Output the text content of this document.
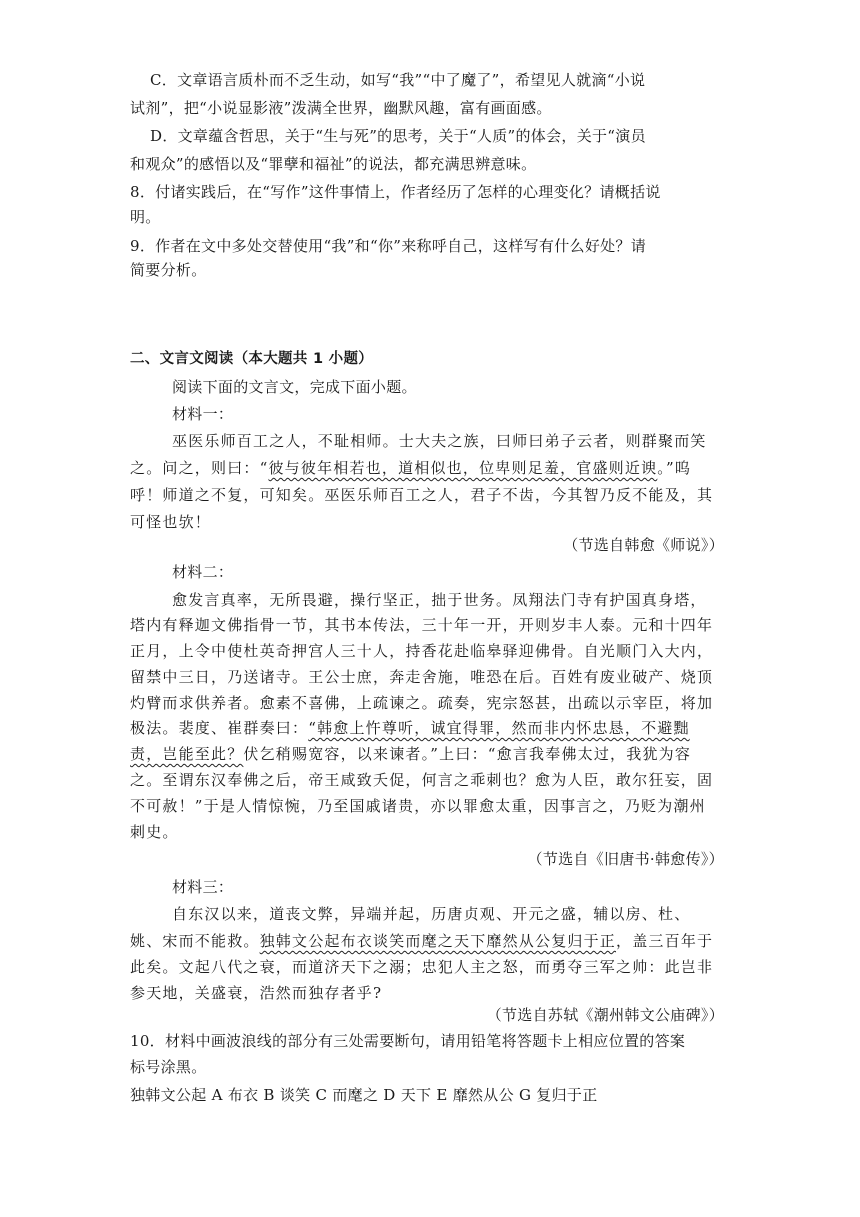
C．文章语言质朴而不乏生动，如写“我”“中了魔了”，希望见人就滴“小说
试剂”，把“小说显影液”泼满全世界，幽默风趣，富有画面感。
D．文章蕴含哲思，关于“生与死”的思考，关于“人质”的体会，关于“演员
和观众”的感悟以及“罪孽和福祉”的说法，都充满思辨意味。
8．付诸实践后，在“写作”这件事情上，作者经历了怎样的心理变化？请概括说
明。
9．作者在文中多处交替使用“我”和“你”来称呼自己，这样写有什么好处？请
简要分析。
二、文言文阅读（本大题共 1 小题）
阅读下面的文言文，完成下面小题。
材料一：
巫医乐师百工之人，不耻相师。士大夫之族，曰师曰弟子云者，则群聚而笑
之。问之，则曰：“彼与彼年相若也，道相似也，位卑则足羞，官盛则近谀。”呜
呼！师道之不复，可知矣。巫医乐师百工之人，君子不齿，今其智乃反不能及，其
可怪也欤！
（节选自韩愈《师说》）
材料二：
愈发言真率，无所畏避，操行坚正，拙于世务。凤翔法门寺有护国真身塔，
塔内有释迦文佛指骨一节，其书本传法，三十年一开，开则岁丰人泰。元和十四年
正月，上令中使杜英奇押宫人三十人，持香花赴临皋驿迎佛骨。自光顺门入大内，
留禁中三日，乃送诸寺。王公士庶，奔走舍施，唯恐在后。百姓有废业破产、烧顶
灼臂而求供养者。愈素不喜佛，上疏谏之。疏奏，宪宗怒甚，出疏以示宰臣，将加
极法。裴度、崔群奏曰：“韩愈上忤尊听，诚宜得罪，然而非内怀忠恳，不避黜
责，岂能至此？伏乞稍赐宽容，以来谏者。”上曰：“愈言我奉佛太过，我犹为容
之。至谓东汉奉佛之后，帝王咸致夭促，何言之乖刺也？愈为人臣，敢尔狂妄，固
不可赦！”于是人情惊惋，乃至国戚诸贵，亦以罪愈太重，因事言之，乃贬为潮州
刺史。
（节选自《旧唐书·韩愈传》）
材料三：
自东汉以来，道丧文弊，异端并起，历唐贞观、开元之盛，辅以房、杜、
姚、宋而不能救。独韩文公起布衣谈笑而麾之天下靡然从公复归于正，盖三百年于
此矣。文起八代之衰，而道济天下之溺；忠犯人主之怒，而勇夺三军之帅：此岂非
参天地，关盛衰，浩然而独存者乎?
（节选自苏轼《潮州韩文公庙碑》）
10．材料中画波浪线的部分有三处需要断句，请用铅笔将答题卡上相应位置的答案
标号涂黑。
独韩文公起 A 布衣 B 谈笑 C 而麾之 D 天下 E 靡然从公 G 复归于正
